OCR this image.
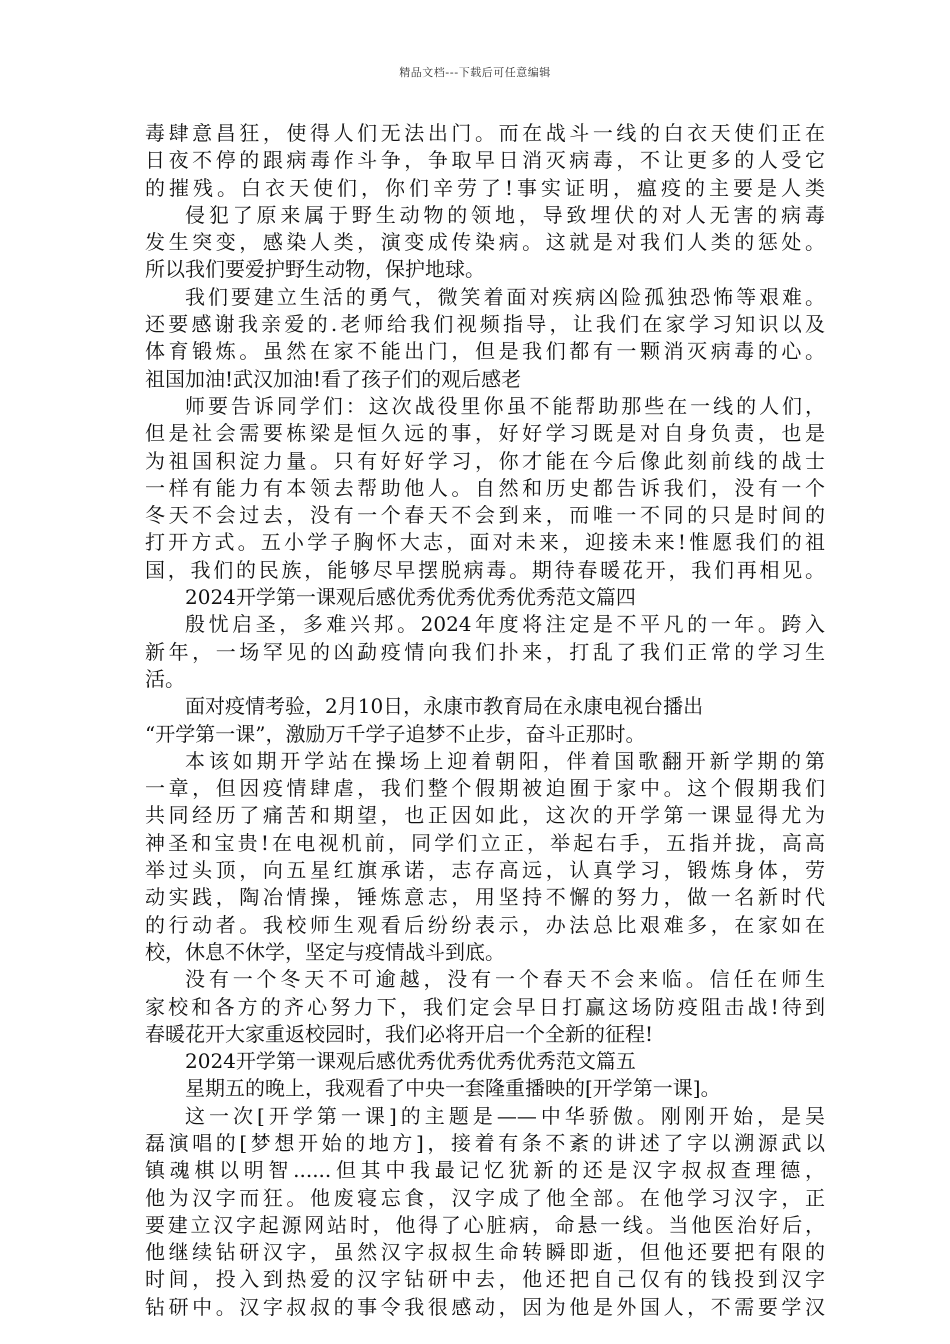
精品文档---下载后可任意编辑
毒肆意昌狂，使得人们无法出门。而在战斗一线的白衣天使们正在
日夜不停的跟病毒作斗争，争取早日消灭病毒，不让更多的人受它
的摧残。白衣天使们，你们辛劳了!事实证明，瘟疫的主要是人类
侵犯了原来属于野生动物的领地，导致埋伏的对人无害的病毒
发生突变，感染人类，演变成传染病。这就是对我们人类的惩处。
所以我们要爱护野生动物，保护地球。
我们要建立生活的勇气，微笑着面对疾病凶险孤独恐怖等艰难。
还要感谢我亲爱的.老师给我们视频指导，让我们在家学习知识以及
体育锻炼。虽然在家不能出门，但是我们都有一颗消灭病毒的心。
祖国加油!武汉加油!看了孩子们的观后感老
师要告诉同学们：这次战役里你虽不能帮助那些在一线的人们，
但是社会需要栋梁是恒久远的事，好好学习既是对自身负责，也是
为祖国积淀力量。只有好好学习，你才能在今后像此刻前线的战士
一样有能力有本领去帮助他人。自然和历史都告诉我们，没有一个
冬天不会过去，没有一个春天不会到来，而唯一不同的只是时间的
打开方式。五小学子胸怀大志，面对未来，迎接未来!惟愿我们的祖
国，我们的民族，能够尽早摆脱病毒。期待春暖花开，我们再相见。
2024开学第一课观后感优秀优秀优秀优秀范文篇四
殷忧启圣，多难兴邦。2024年度将注定是不平凡的一年。跨入
新年，一场罕见的凶勐疫情向我们扑来，打乱了我们正常的学习生
活。
面对疫情考验，2月10日，永康市教育局在永康电视台播出
“开学第一课”，激励万千学子追梦不止步，奋斗正那时。
本该如期开学站在操场上迎着朝阳，伴着国歌翻开新学期的第
一章，但因疫情肆虐，我们整个假期被迫囿于家中。这个假期我们
共同经历了痛苦和期望，也正因如此，这次的开学第一课显得尤为
神圣和宝贵!在电视机前，同学们立正，举起右手，五指并拢，高高
举过头顶，向五星红旗承诺，志存高远，认真学习，锻炼身体，劳
动实践，陶冶情操，锤炼意志，用坚持不懈的努力，做一名新时代
的行动者。我校师生观看后纷纷表示，办法总比艰难多，在家如在
校，休息不休学，坚定与疫情战斗到底。
没有一个冬天不可逾越，没有一个春天不会来临。信任在师生
家校和各方的齐心努力下，我们定会早日打赢这场防疫阻击战!待到
春暖花开大家重返校园时，我们必将开启一个全新的征程!
2024开学第一课观后感优秀优秀优秀优秀范文篇五
星期五的晚上，我观看了中央一套隆重播映的[开学第一课]。
这一次[开学第一课]的主题是——中华骄傲。刚刚开始，是吴
磊演唱的[梦想开始的地方]，接着有条不紊的讲述了字以溯源武以
镇魂棋以明智......但其中我最记忆犹新的还是汉字叔叔查理德，
他为汉字而狂。他废寝忘食，汉字成了他全部。在他学习汉字，正
要建立汉字起源网站时，他得了心脏病，命悬一线。当他医治好后，
他继续钻研汉字，虽然汉字叔叔生命转瞬即逝，但他还要把有限的
时间，投入到热爱的汉字钻研中去，他还把自己仅有的钱投到汉字
钻研中。汉字叔叔的事令我很感动，因为他是外国人，不需要学汉
